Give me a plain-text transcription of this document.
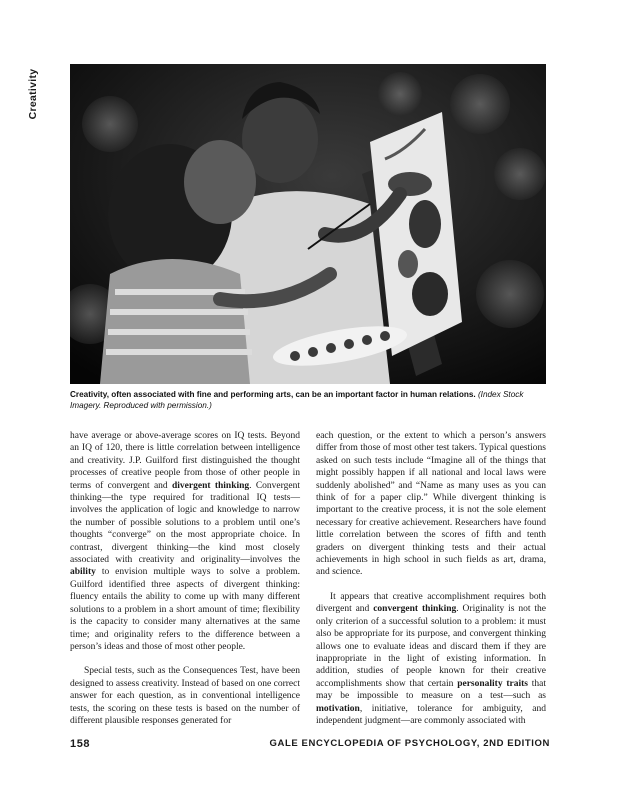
Creativity
Creativity, often associated with fine and performing arts, can be an important factor in human relations. (Index Stock Imagery. Reproduced with permission.)

have average or above-average scores on IQ tests. Beyond an IQ of 120, there is little correlation between intelligence and creativity. J.P. Guilford first distinguished the thought processes of creative people from those of other people in terms of convergent and divergent thinking. Convergent thinking—the type required for traditional IQ tests—involves the application of logic and knowledge to narrow the number of possible solutions to a problem until one’s thoughts “converge” on the most appropriate choice. In contrast, divergent thinking—the kind most closely associated with creativity and originality—involves the ability to envision multiple ways to solve a problem. Guilford identified three aspects of divergent thinking: fluency entails the ability to come up with many different solutions to a problem in a short amount of time; flexibility is the capacity to consider many alternatives at the same time; and originality refers to the difference between a person’s ideas and those of most other people.

Special tests, such as the Consequences Test, have been designed to assess creativity. Instead of based on one correct answer for each question, as in conventional intelligence tests, the scoring on these tests is based on the number of different plausible responses generated for

each question, or the extent to which a person’s answers differ from those of most other test takers. Typical questions asked on such tests include “Imagine all of the things that might possibly happen if all national and local laws were suddenly abolished” and “Name as many uses as you can think of for a paper clip.” While divergent thinking is important to the creative process, it is not the sole element necessary for creative achievement. Researchers have found little correlation between the scores of fifth and tenth graders on divergent thinking tests and their actual achievements in high school in such fields as art, drama, and science.

It appears that creative accomplishment requires both divergent and convergent thinking. Originality is not the only criterion of a successful solution to a problem: it must also be appropriate for its purpose, and convergent thinking allows one to evaluate ideas and discard them if they are inappropriate in the light of existing information. In addition, studies of people known for their creative accomplishments show that certain personality traits that may be impossible to measure on a test—such as motivation, initiative, tolerance for ambiguity, and independent judgment—are commonly associated with

158	GALE ENCYCLOPEDIA OF PSYCHOLOGY, 2ND EDITION
